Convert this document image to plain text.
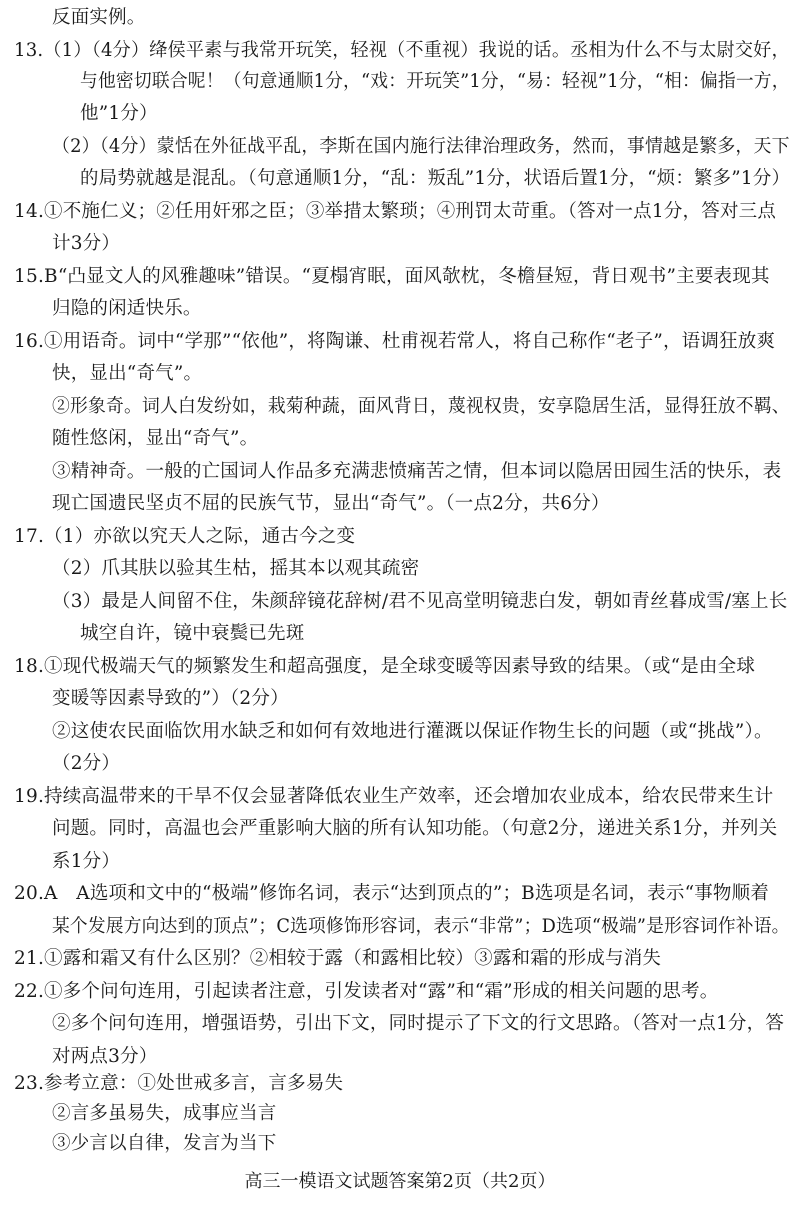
反面实例。
13.（1）（4分）绛侯平素与我常开玩笑，轻视（不重视）我说的话。丞相为什么不与太尉交好，
与他密切联合呢！（句意通顺1分，“戏：开玩笑”1分，“易：轻视”1分，“相：偏指一方，
他”1分）
（2）（4分）蒙恬在外征战平乱，李斯在国内施行法律治理政务，然而，事情越是繁多，天下
的局势就越是混乱。（句意通顺1分，“乱：叛乱”1分，状语后置1分，“烦：繁多”1分）
14.①不施仁义；②任用奸邪之臣；③举措太繁琐；④刑罚太苛重。（答对一点1分，答对三点
计3分）
15.B“凸显文人的风雅趣味”错误。“夏榻宵眠，面风欹枕，冬檐昼短，背日观书”主要表现其
归隐的闲适快乐。
16.①用语奇。词中“学那”“依他”，将陶谦、杜甫视若常人，将自己称作“老子”，语调狂放爽
快，显出“奇气”。
②形象奇。词人白发纷如，栽菊种蔬，面风背日，蔑视权贵，安享隐居生活，显得狂放不羁、
随性悠闲，显出“奇气”。
③精神奇。一般的亡国词人作品多充满悲愤痛苦之情，但本词以隐居田园生活的快乐，表
现亡国遗民坚贞不屈的民族气节，显出“奇气”。（一点2分，共6分）
17.（1）亦欲以究天人之际，通古今之变
（2）爪其肤以验其生枯，摇其本以观其疏密
（3）最是人间留不住，朱颜辞镜花辞树/君不见高堂明镜悲白发，朝如青丝暮成雪/塞上长
城空自许，镜中衰鬓已先斑
18.①现代极端天气的频繁发生和超高强度，是全球变暖等因素导致的结果。（或“是由全球
变暖等因素导致的”）（2分）
②这使农民面临饮用水缺乏和如何有效地进行灌溉以保证作物生长的问题（或“挑战”）。
（2分）
19.持续高温带来的干旱不仅会显著降低农业生产效率，还会增加农业成本，给农民带来生计
问题。同时，高温也会严重影响大脑的所有认知功能。（句意2分，递进关系1分，并列关
系1分）
20.A　A选项和文中的“极端”修饰名词，表示“达到顶点的”；B选项是名词，表示“事物顺着
某个发展方向达到的顶点”；C选项修饰形容词，表示“非常”；D选项“极端”是形容词作补语。
21.①露和霜又有什么区别？②相较于露（和露相比较）③露和霜的形成与消失
22.①多个问句连用，引起读者注意，引发读者对“露”和“霜”形成的相关问题的思考。
②多个问句连用，增强语势，引出下文，同时提示了下文的行文思路。（答对一点1分，答
对两点3分）
23.参考立意：①处世戒多言，言多易失
②言多虽易失，成事应当言
③少言以自律，发言为当下
高三一模语文试题答案第2页（共2页）
